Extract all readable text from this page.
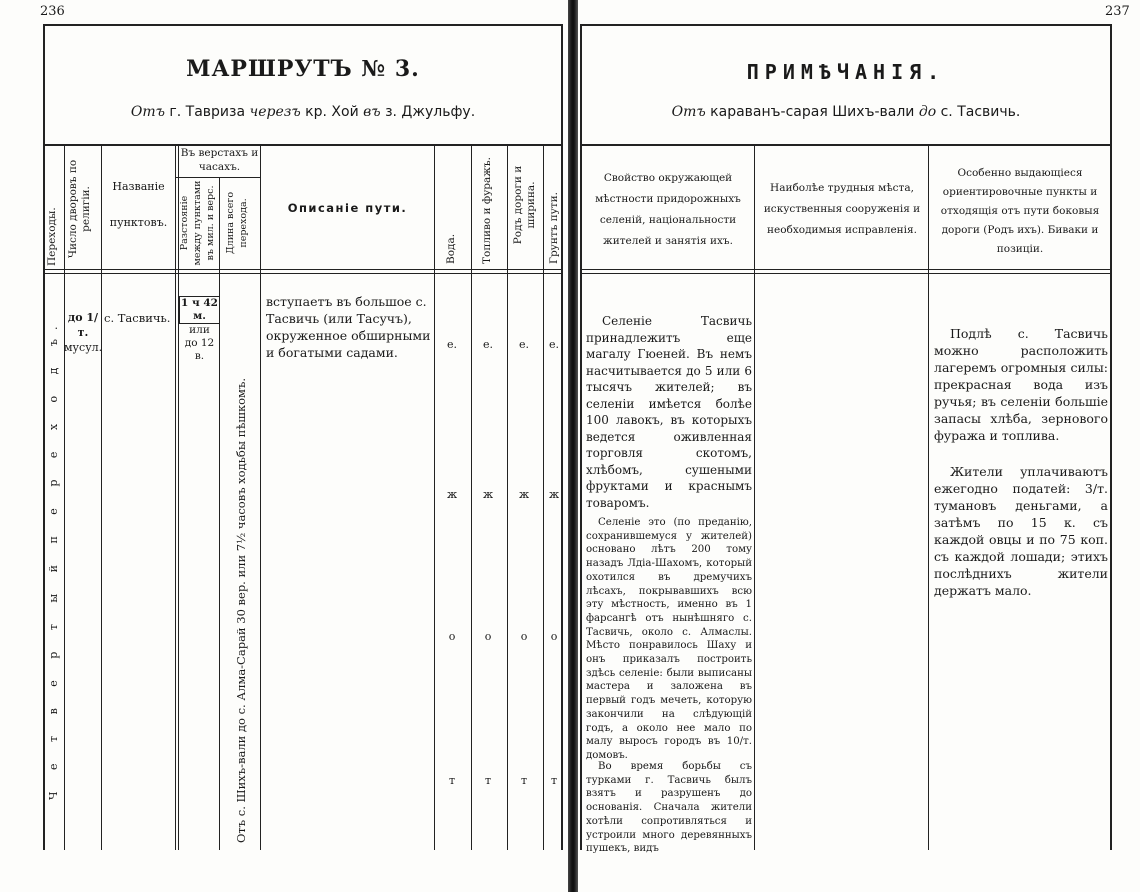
236
МАРШРУТЪ № 3.
Отъ г. Тавриза черезъ кр. Хой въ з. Джульфу.
Переходы. Число дворовъ по религіи.	Названіе
пунктовъ.
Въ верстахъ и часахъ.
Разстояніе между пунктами въ мил. и верс. Длина всего перехода.	Описаніе пути.
Вода. Топливо и фуражъ. Родъ дороги и ширина. Грунтъ пути.
Ч е т в е р т ы й п е р е х о д ъ.
до 1/т.
мусул.
с. Тасвичь.
1 ч 42 м.
или
до 12 в.
Отъ с. Шихъ-вали до с. Алма-Сарай 30 вер. или 7½ часовъ ходьбы пѣшкомъ.
вступаетъ въ большое с. Тасвичь (или Тасучъ), окруженное обширными и богатыми садами.
е.
ж
о
т
е.
ж
о
т
е.
ж
о
т
е.
ж
о
т
237
ПРИМѢЧАНІЯ.
Отъ караванъ-сарая Шихъ-вали до с. Тасвичь.
Свойство окружающей мѣстности придорожныхъ селеній, національности жителей и занятія ихъ.
Наиболѣе трудныя мѣста, искуственныя сооруженія и необходимыя исправленія.
Особенно выдающіеся ориентировочные пункты и отходящія отъ пути боковыя дороги (Родъ ихъ). Биваки и позиціи.
Селеніе Тасвичь принадлежитъ еще магалу Гюеней. Въ немъ насчитывается до 5 или 6 тысячъ жителей; въ селеніи имѣется болѣе 100 лавокъ, въ которыхъ ведется оживленная торговля скотомъ, хлѣбомъ, сушеными фруктами и краснымъ товаромъ.
Селеніе это (по преданію, сохранившемуся у жителей) основано лѣтъ 200 тому назадъ Лдіа-Шахомъ, который охотился въ дремучихъ лѣсахъ, покрывавшихъ всю эту мѣстность, именно въ 1 фарсангѣ отъ нынѣшняго с. Тасвичь, около с. Алмаслы. Мѣсто понравилось Шаху и онъ приказалъ построить здѣсь селеніе: были выписаны мастера и заложена въ первый годъ мечеть, которую закончили на слѣдующій годъ, а около нее мало по малу выросъ городъ въ 10/т. домовъ.
Во время борьбы съ турками г. Тасвичь былъ взятъ и разрушенъ до основанія. Сначала жители хотѣли сопротивляться и устроили много деревянныхъ пушекъ, видъ
Подлѣ с. Тасвичь можно расположить лагеремъ огромныя силы: прекрасная вода изъ ручья; въ селеніи большіе запасы хлѣба, зернового фуража и топлива.
Жители уплачиваютъ ежегодно податей: 3/т. тумановъ деньгами, а затѣмъ по 15 к. съ каждой овцы и по 75 коп. съ каждой лошади; этихъ послѣднихъ жители держатъ мало.
